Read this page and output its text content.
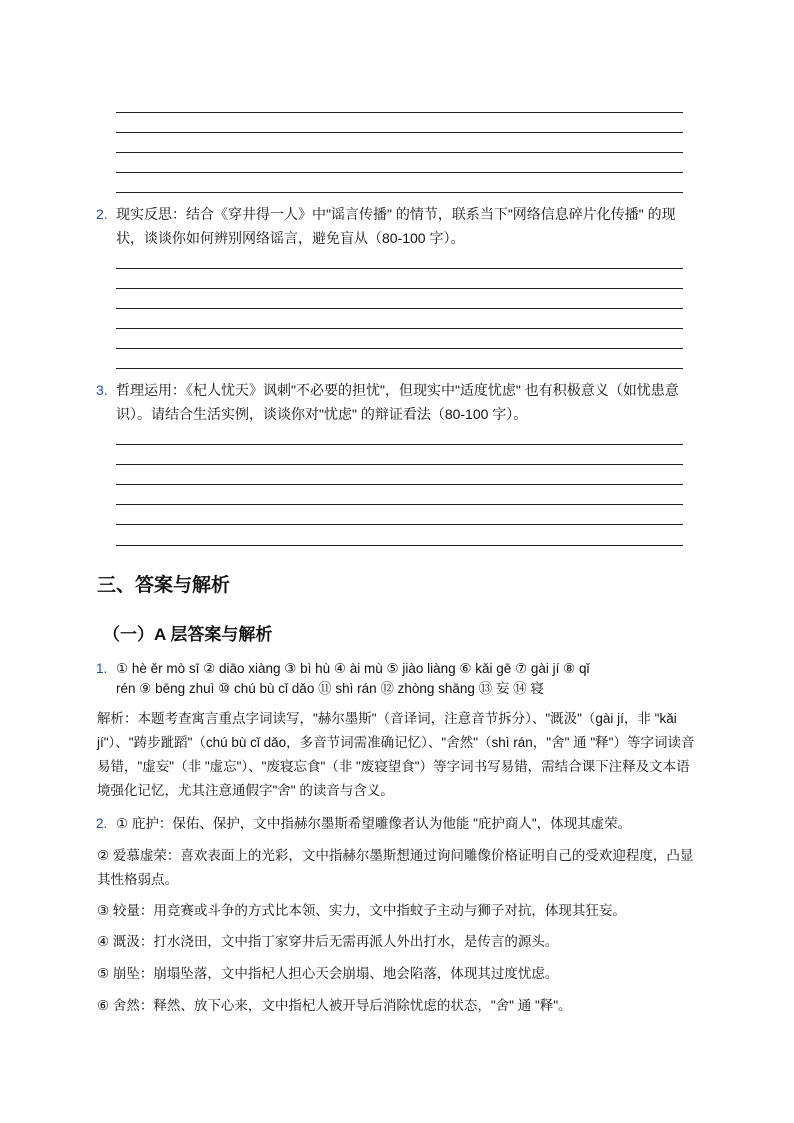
2. 现实反思：结合《穿井得一人》中"谣言传播" 的情节，联系当下"网络信息碎片化传播" 的现状，谈谈你如何辨别网络谣言，避免盲从（80-100 字）。
3. 哲理运用：《杞人忧天》讽刺"不必要的担忧"，但现实中"适度忧虑" 也有积极意义（如忧患意识）。请结合生活实例，谈谈你对"忧虑" 的辩证看法（80-100 字）。
三、答案与解析
（一）A 层答案与解析
1. ① hè ěr mò sī ② diāo xiàng ③ bì hù ④ ài mù ⑤ jiào liàng ⑥ kǎi gē ⑦ gài jí ⑧ qǐ
rén ⑨ bēng zhuì ⑩ chú bù cǐ dǎo ⑪ shì rán ⑫ zhòng shāng ⑬ 妄 ⑭ 寝
解析：本题考查寓言重点字词读写，"赫尔墨斯"（音译词，注意音节拆分）、"溉汲"（gài jí，非 "kǎi jí"）、"踌步跐蹈"（chú bù cǐ dǎo，多音节词需准确记忆）、"舍然"（shì rán，"舍" 通 "释"）等字词读音易错，"虚妄"（非 "虚忘"）、"废寝忘食"（非 "废寝望食"）等字词书写易错，需结合课下注释及文本语境强化记忆，尤其注意通假字"舍" 的读音与含义。
2. ① 庇护：保佑、保护，文中指赫尔墨斯希望雕像者认为他能 "庇护商人"，体现其虚荣。
② 爱慕虚荣：喜欢表面上的光彩，文中指赫尔墨斯想通过询问雕像价格证明自己的受欢迎程度，凸显其性格弱点。
③ 较量：用竞赛或斗争的方式比本领、实力，文中指蚊子主动与狮子对抗，体现其狂妄。
④ 溉汲：打水浇田，文中指丁家穿井后无需再派人外出打水，是传言的源头。
⑤ 崩坠：崩塌坠落，文中指杞人担心天会崩塌、地会陷落，体现其过度忧虑。
⑥ 舍然：释然、放下心来，文中指杞人被开导后消除忧虑的状态，"舍" 通 "释"。
